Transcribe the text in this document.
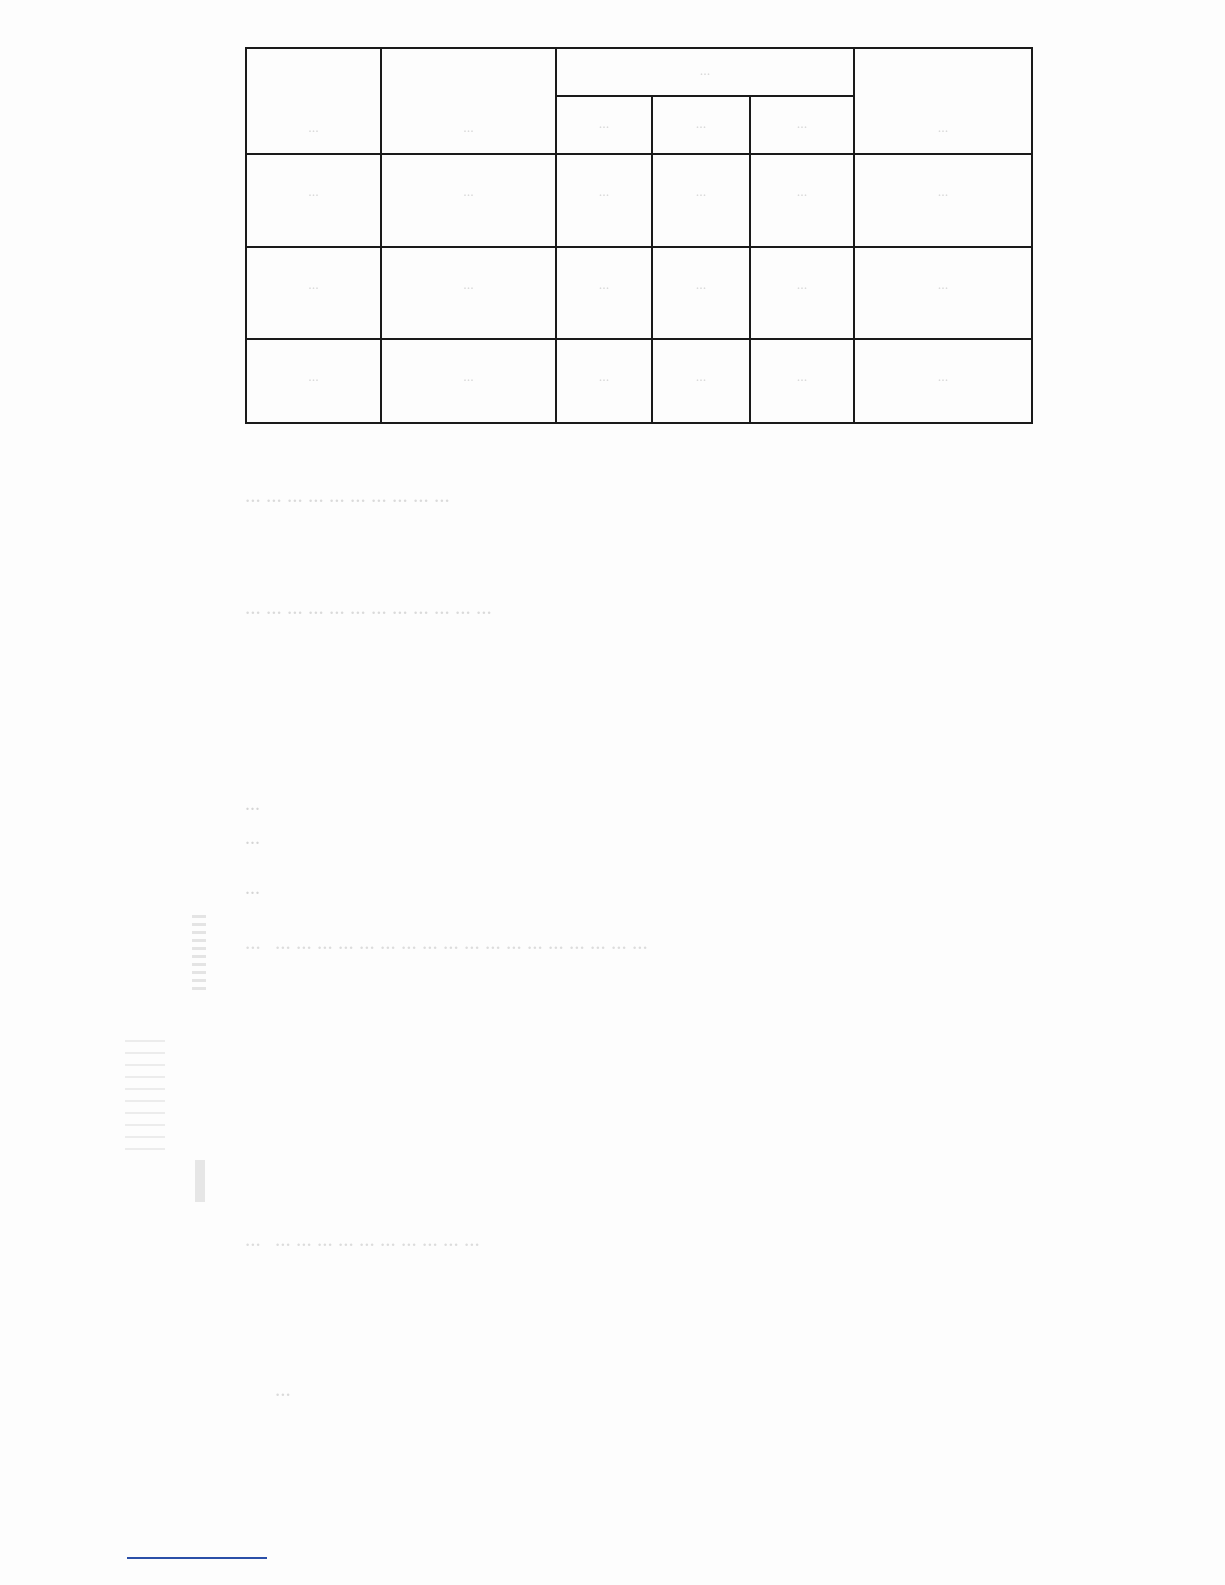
...	...	...			...

		...	...	...	

...	...	...	...	...	...

...	...	...	...	...	...

...	...	...	...	...	...

... ... ... ... ... ... ... ... ... ...

... ... ... ... ... ... ... ... ... ... ... ...

...

...

...

... ... ... ... ... ... ... ... ... ... ... ... ... ... ... ... ... ... ...
... ... ... ... ... ... ... ... ... ... ...

...
